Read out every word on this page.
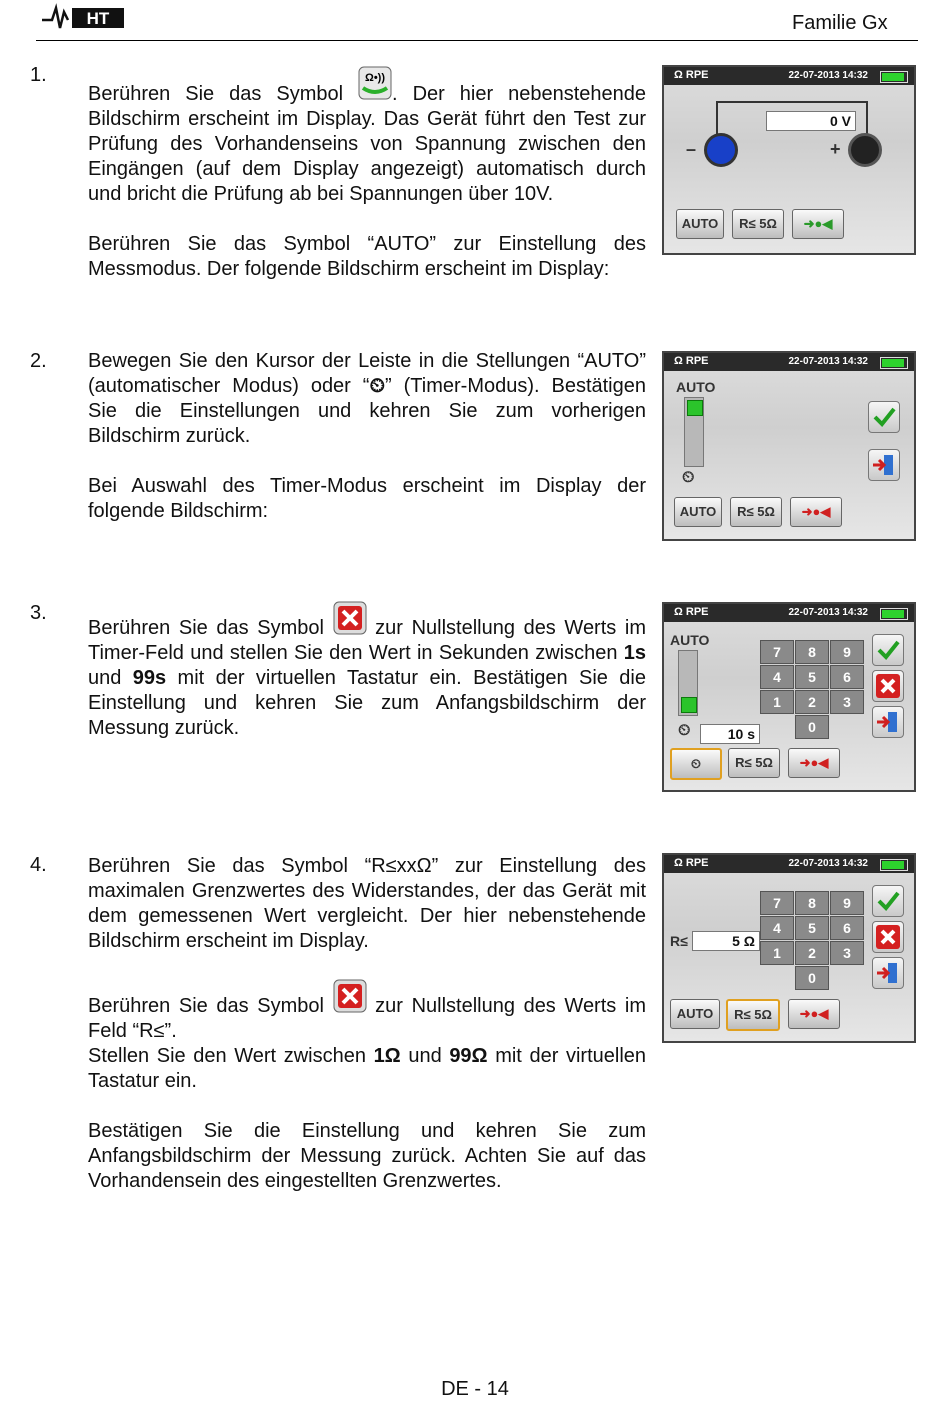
HT	Familie Gx
1.

Berühren Sie das Symbol
Ω•))
. Der hier nebenstehende Bildschirm erscheint im Display. Das Gerät führt den Test zur Prüfung des Vorhandenseins von Spannung zwischen den Eingängen (auf dem Display angezeigt) automatisch durch und bricht die Prüfung ab bei Spannungen über 10V.

Berühren Sie das Symbol “AUTO” zur Einstellung des Messmodus. Der folgende Bildschirm erscheint im Display:

Ω RPE	22-07-2013 14:32
0 V
–	+
AUTO	R≤ 5Ω	➜●◀
2. Bewegen Sie den Kursor der Leiste in die Stellungen “AUTO” (automatischer Modus) oder “⏲” (Timer-Modus). Bestätigen Sie die Einstellungen und kehren Sie zum vorherigen Bildschirm zurück.

Bei Auswahl des Timer-Modus erscheint im Display der folgende Bildschirm:

Ω RPE	22-07-2013 14:32
AUTO
⏲
AUTO	R≤ 5Ω	➜●◀
3.

Berühren Sie das Symbol  zur Nullstellung des Werts im Timer-Feld und stellen Sie den Wert in Sekunden zwischen 1s und 99s mit der virtuellen Tastatur ein. Bestätigen Sie die Einstellung und kehren Sie zum Anfangsbildschirm der Messung zurück.

Ω RPE	22-07-2013 14:32
AUTO
⏲	10 s
7	8	9
4	5	6
1	2	3
0
⏲	R≤ 5Ω	➜●◀
4. Berühren Sie das Symbol “R≤xxΩ” zur Einstellung des maximalen Grenzwertes des Widerstandes, der das Gerät mit dem gemessenen Wert vergleicht. Der hier nebenstehende Bildschirm erscheint im Display.

Berühren Sie das Symbol  zur Nullstellung des Werts im Feld “R≤”.

Stellen Sie den Wert zwischen 1Ω und 99Ω mit der virtuellen Tastatur ein.

Bestätigen Sie die Einstellung und kehren Sie zum Anfangsbildschirm der Messung zurück. Achten Sie auf das Vorhandensein des eingestellten Grenzwertes.

Ω RPE	22-07-2013 14:32
R≤	5 Ω
7	8	9
4	5	6
1	2	3
0
AUTO	R≤ 5Ω	➜●◀
DE - 14
